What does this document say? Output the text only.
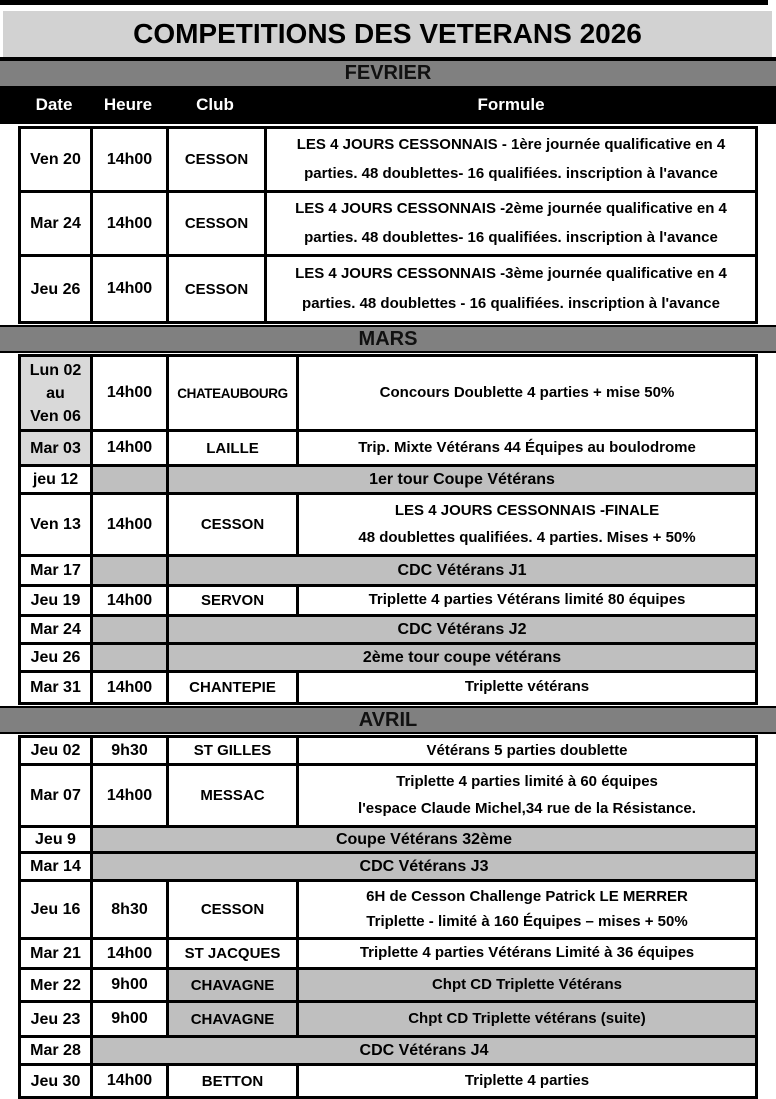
COMPETITIONS DES VETERANS 2026
FEVRIER
Date	Heure	Club	Formule
Ven 20	14h00	CESSON
LES 4 JOURS CESSONNAIS - 1ère journée qualificative en 4
parties. 48 doublettes- 16 qualifiées. inscription à l'avance
Mar 24	14h00	CESSON
LES 4 JOURS CESSONNAIS -2ème journée qualificative en 4
parties. 48 doublettes- 16 qualifiées. inscription à l'avance
Jeu 26	14h00	CESSON
LES 4 JOURS CESSONNAIS -3ème journée qualificative en 4
parties. 48 doublettes - 16 qualifiées. inscription à l'avance
MARS
Lun 02
au
Ven 06
14h00	CHATEAUBOURG	Concours Doublette 4 parties + mise 50%
Mar 03	14h00	LAILLE	Trip. Mixte Vétérans 44 Équipes au boulodrome
jeu 12	1er tour Coupe Vétérans
Ven 13	14h00	CESSON
LES 4 JOURS CESSONNAIS -FINALE
48 doublettes qualifiées. 4 parties. Mises + 50%
Mar 17	CDC Vétérans J1
Jeu 19	14h00	SERVON	Triplette 4 parties Vétérans limité 80 équipes
Mar 24	CDC Vétérans J2
Jeu 26	2ème tour coupe vétérans
Mar 31	14h00	CHANTEPIE	Triplette vétérans
AVRIL
Jeu 02	9h30	ST GILLES	Vétérans 5 parties doublette
Mar 07	14h00	MESSAC
Triplette 4 parties limité à 60 équipes
l'espace Claude Michel,34 rue de la Résistance.
Jeu 9	Coupe Vétérans 32ème
Mar 14	CDC Vétérans J3
Jeu 16	8h30	CESSON
6H de Cesson Challenge Patrick LE MERRER
Triplette - limité à 160 Équipes – mises + 50%
Mar 21	14h00	ST JACQUES	Triplette 4 parties Vétérans Limité à 36 équipes
Mer 22	9h00	CHAVAGNE	Chpt CD Triplette Vétérans
Jeu 23	9h00	CHAVAGNE	Chpt CD Triplette vétérans (suite)
Mar 28	CDC Vétérans J4
Jeu 30	14h00	BETTON	Triplette 4 parties
